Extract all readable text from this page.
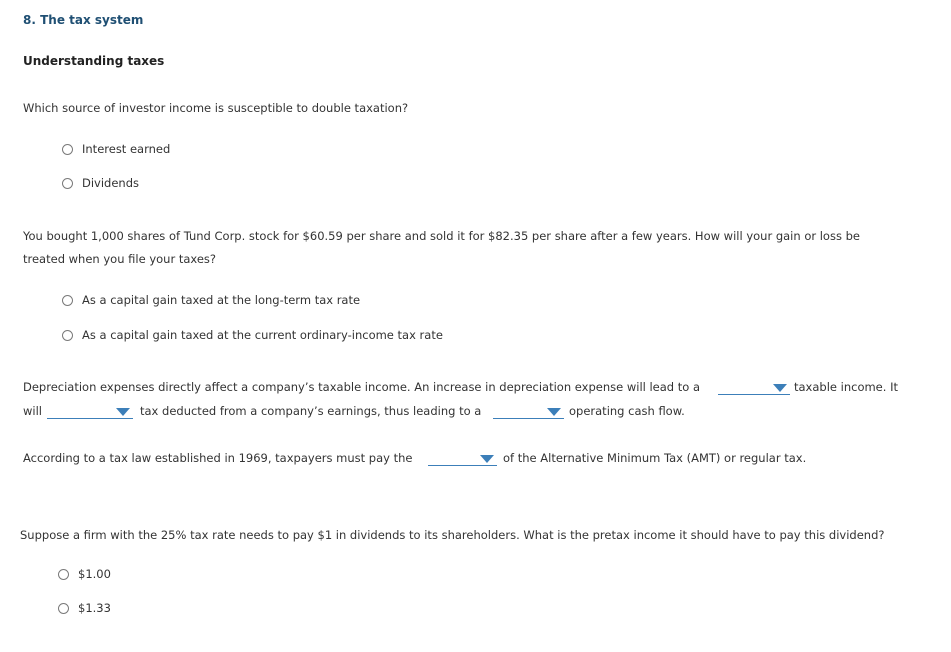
8. The tax system
Understanding taxes
Which source of investor income is susceptible to double taxation?
Interest earned
Dividends
You bought 1,000 shares of Tund Corp. stock for $60.59 per share and sold it for $82.35 per share after a few years. How will your gain or loss be
treated when you file your taxes?
As a capital gain taxed at the long-term tax rate
As a capital gain taxed at the current ordinary-income tax rate
Depreciation expenses directly affect a company’s taxable income. An increase in depreciation expense will lead to a	taxable income. It
will	tax deducted from a company’s earnings, thus leading to a	operating cash flow.
According to a tax law established in 1969, taxpayers must pay the	of the Alternative Minimum Tax (AMT) or regular tax.
Suppose a firm with the 25% tax rate needs to pay $1 in dividends to its shareholders. What is the pretax income it should have to pay this dividend?
$1.00
$1.33
